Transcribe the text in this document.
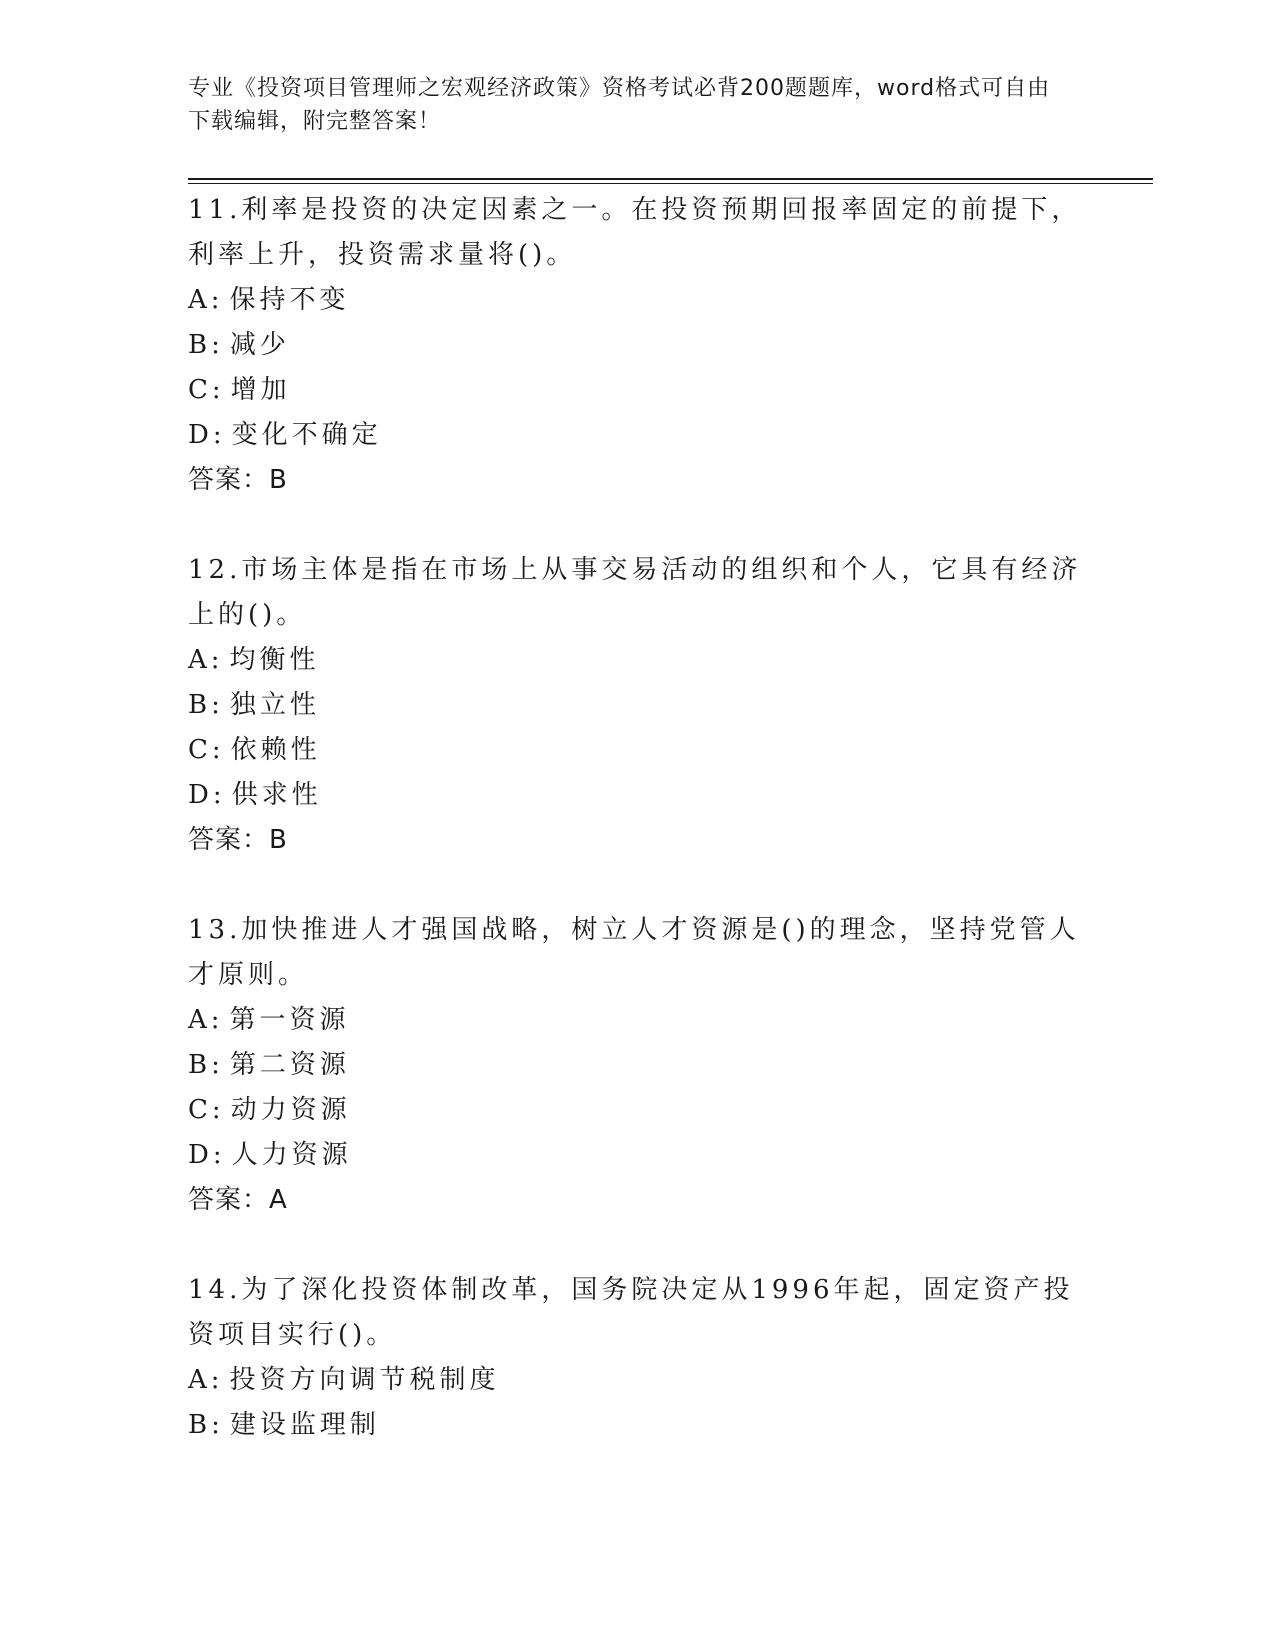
专业《投资项目管理师之宏观经济政策》资格考试必背200题题库，word格式可自由下载编辑，附完整答案！

11.利率是投资的决定因素之一。在投资预期回报率固定的前提下，利率上升，投资需求量将()。

A: 保持不变
B: 减少
C: 增加
D: 变化不确定
答案：B

12.市场主体是指在市场上从事交易活动的组织和个人，它具有经济上的()。

A: 均衡性
B: 独立性
C: 依赖性
D: 供求性
答案：B

13.加快推进人才强国战略，树立人才资源是()的理念，坚持党管人才原则。

A: 第一资源
B: 第二资源
C: 动力资源
D: 人力资源
答案：A

14.为了深化投资体制改革，国务院决定从1996年起，固定资产投资项目实行()。

A: 投资方向调节税制度
B: 建设监理制
